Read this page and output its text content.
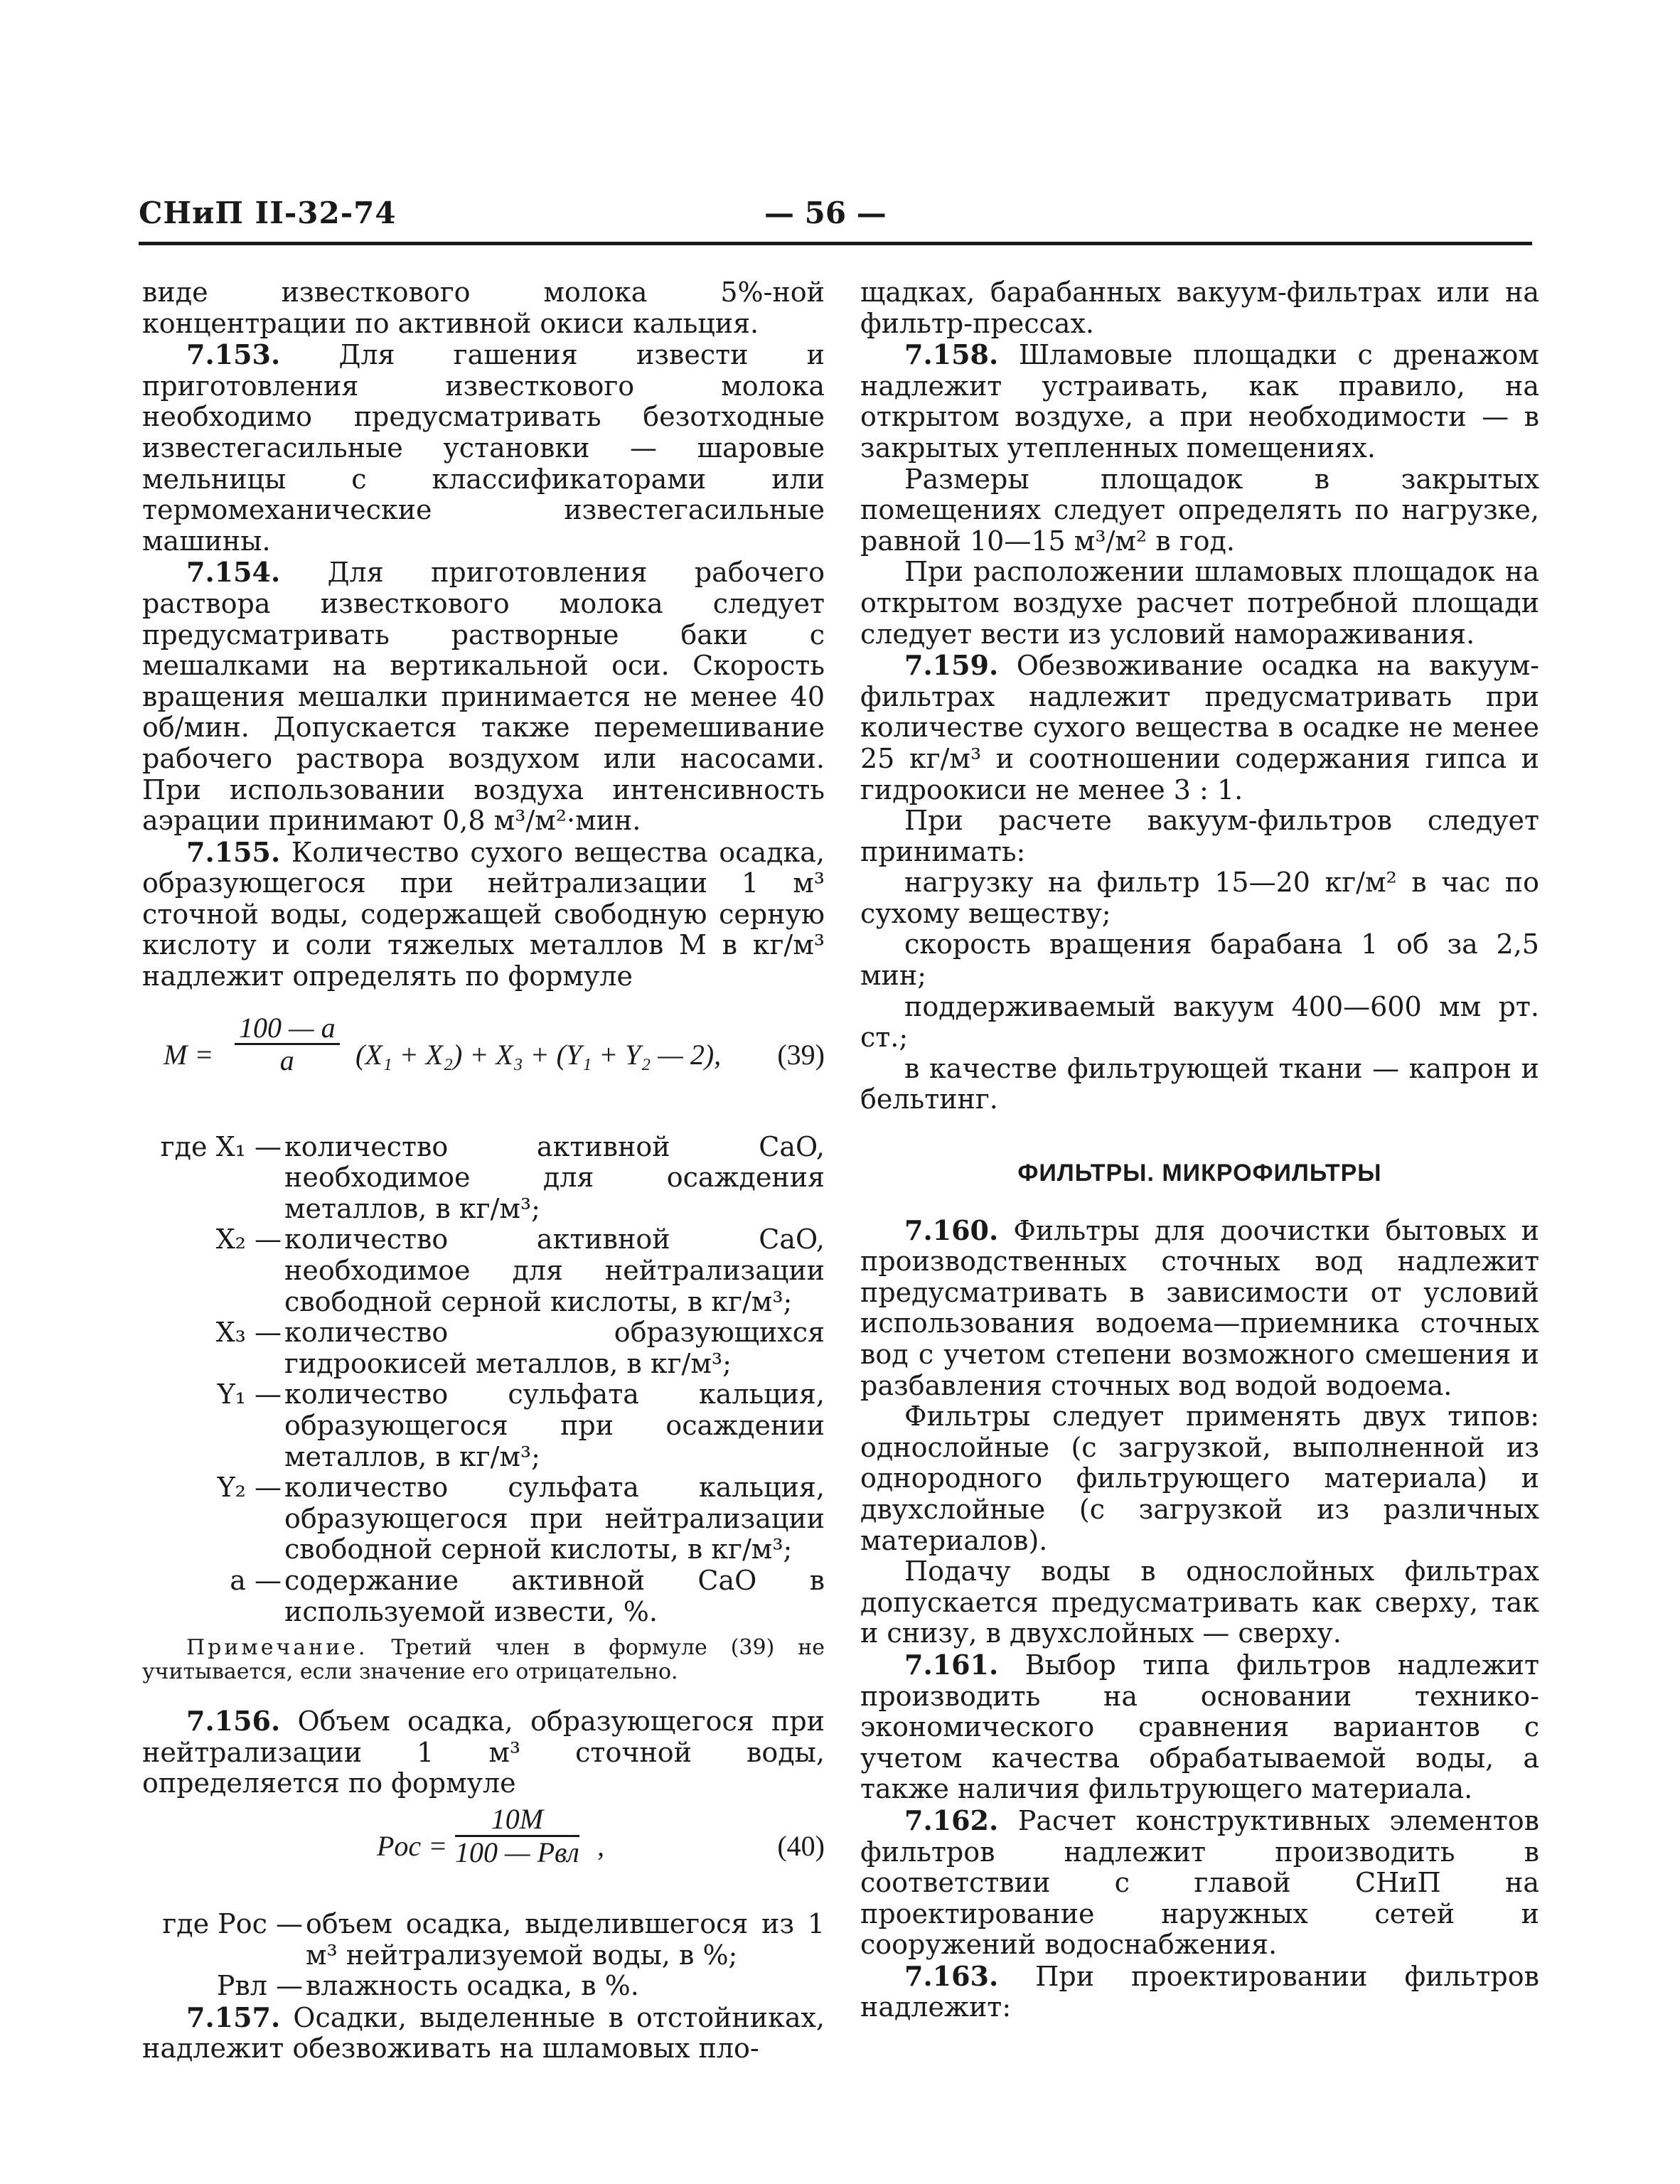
СНиП II-32-74	— 56 —

виде известкового молока 5%-ной концентрации по активной окиси кальция.

7.153. Для гашения извести и приготовления известкового молока необходимо предусматривать безотходные известегасильные установки — шаровые мельницы с классификаторами или термомеханические известегасильные машины.

7.154. Для приготовления рабочего раствора известкового молока следует предусматривать растворные баки с мешалками на вертикальной оси. Скорость вращения мешалки принимается не менее 40 об/мин. Допускается также перемешивание рабочего раствора воздухом или насосами. При использовании воздуха интенсивность аэрации принимают 0,8 м³/м²·мин.

7.155. Количество сухого вещества осадка, образующегося при нейтрализации 1 м³ сточной воды, содержащей свободную серную кислоту и соли тяжелых металлов M в кг/м³ надлежит определять по формуле

$M = \frac{100 — a}{a} (X_1 + X_2) + X_3 + (Y_1 + Y_2$ — 2), (39)
где X₁ — количество активной CaO, необходимое для осаждения металлов, в кг/м³;
X₂ — количество активной CaO, необходимое для нейтрализации свободной серной кислоты, в кг/м³;
X₃ — количество образующихся гидроокисей металлов, в кг/м³;
Y₁ — количество сульфата кальция, образующегося при осаждении металлов, в кг/м³;
Y₂ — количество сульфата кальция, образующегося при нейтрализации свободной серной кислоты, в кг/м³;
a — содержание активной CaO в используемой извести, %.

Примечание. Третий член в формуле (39) не учитывается, если значение его отрицательно.

7.156. Объем осадка, образующегося при нейтрализации 1 м³ сточной воды, определяется по формуле

Pос =
10M
100 — Pвл ,	(40)
где Pос — объем осадка, выделившегося из 1 м³ нейтрализуемой воды, в %;
Pвл — влажность осадка, в %.

7.157. Осадки, выделенные в отстойниках, надлежит обезвоживать на шламовых пло-

щадках, барабанных вакуум-фильтрах или на фильтр-прессах.

7.158. Шламовые площадки с дренажом надлежит устраивать, как правило, на открытом воздухе, а при необходимости — в закрытых утепленных помещениях.

Размеры площадок в закрытых помещениях следует определять по нагрузке, равной 10—15 м³/м² в год.

При расположении шламовых площадок на открытом воздухе расчет потребной площади следует вести из условий намораживания.

7.159. Обезвоживание осадка на вакуум-фильтрах надлежит предусматривать при количестве сухого вещества в осадке не менее 25 кг/м³ и соотношении содержания гипса и гидроокиси не менее 3 : 1.

При расчете вакуум-фильтров следует принимать:

нагрузку на фильтр 15—20 кг/м² в час по сухому веществу;

скорость вращения барабана 1 об за 2,5 мин;

поддерживаемый вакуум 400—600 мм рт. ст.;

в качестве фильтрующей ткани — капрон и бельтинг.

ФИЛЬТРЫ. МИКРОФИЛЬТРЫ

7.160. Фильтры для доочистки бытовых и производственных сточных вод надлежит предусматривать в зависимости от условий использования водоема—приемника сточных вод с учетом степени возможного смешения и разбавления сточных вод водой водоема.

Фильтры следует применять двух типов: однослойные (с загрузкой, выполненной из однородного фильтрующего материала) и двухслойные (с загрузкой из различных материалов).

Подачу воды в однослойных фильтрах допускается предусматривать как сверху, так и снизу, в двухслойных — сверху.

7.161. Выбор типа фильтров надлежит производить на основании технико-экономического сравнения вариантов с учетом качества обрабатываемой воды, а также наличия фильтрующего материала.

7.162. Расчет конструктивных элементов фильтров надлежит производить в соответствии с главой СНиП на проектирование наружных сетей и сооружений водоснабжения.

7.163. При проектировании фильтров надлежит:
